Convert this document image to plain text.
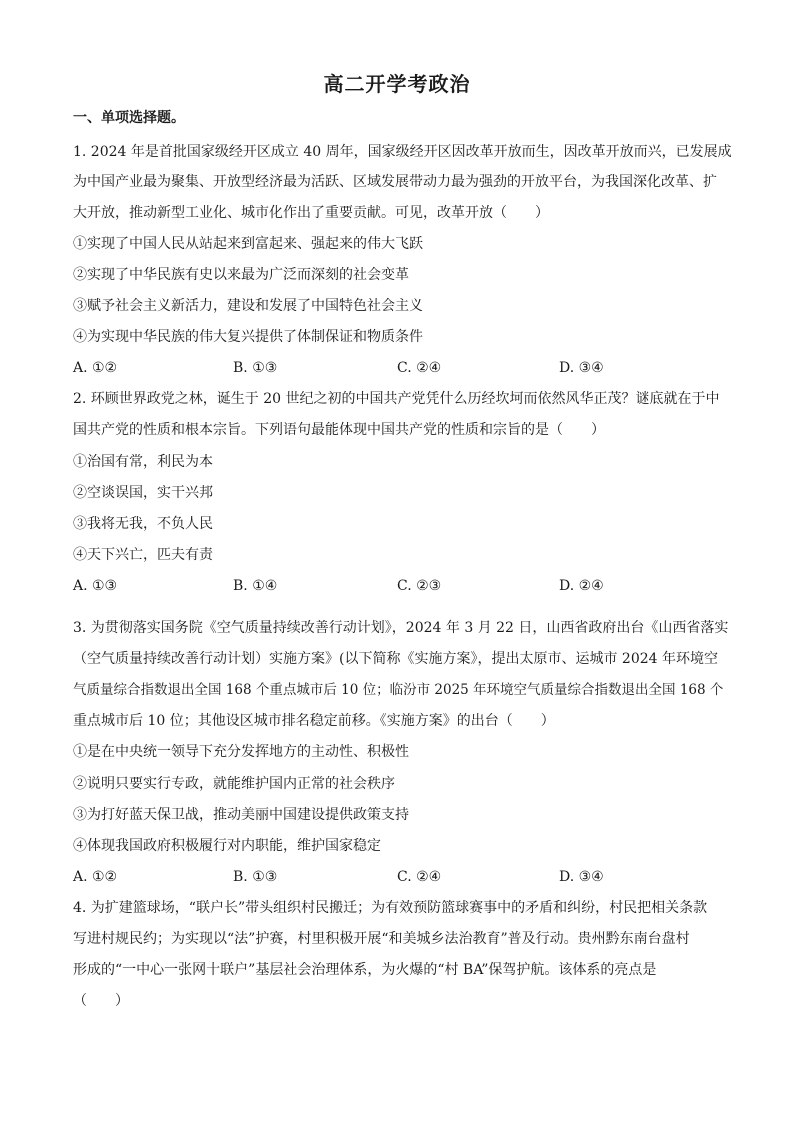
高二开学考政治
一、单项选择题。
1. 2024 年是首批国家级经开区成立 40 周年，国家级经开区因改革开放而生，因改革开放而兴，已发展成
为中国产业最为聚集、开放型经济最为活跃、区域发展带动力最为强劲的开放平台，为我国深化改革、扩
大开放，推动新型工业化、城市化作出了重要贡献。可见，改革开放（　　）
①实现了中国人民从站起来到富起来、强起来的伟大飞跃
②实现了中华民族有史以来最为广泛而深刻的社会变革
③赋予社会主义新活力，建设和发展了中国特色社会主义
④为实现中华民族的伟大复兴提供了体制保证和物质条件
A. ①②	B. ①③	C. ②④	D. ③④
2. 环顾世界政党之林，诞生于 20 世纪之初的中国共产党凭什么历经坎坷而依然风华正茂？谜底就在于中
国共产党的性质和根本宗旨。下列语句最能体现中国共产党的性质和宗旨的是（　　）
①治国有常，利民为本
②空谈误国，实干兴邦
③我将无我，不负人民
④天下兴亡，匹夫有责
A. ①③	B. ①④	C. ②③	D. ②④
3. 为贯彻落实国务院《空气质量持续改善行动计划》，2024 年 3 月 22 日，山西省政府出台《山西省落实
（空气质量持续改善行动计划）实施方案》(以下简称《实施方案》，提出太原市、运城市 2024 年环境空
气质量综合指数退出全国 168 个重点城市后 10 位；临汾市 2025 年环境空气质量综合指数退出全国 168 个
重点城市后 10 位；其他设区城市排名稳定前移。《实施方案》的出台（　　）
①是在中央统一领导下充分发挥地方的主动性、积极性
②说明只要实行专政，就能维护国内正常的社会秩序
③为打好蓝天保卫战，推动美丽中国建设提供政策支持
④体现我国政府积极履行对内职能，维护国家稳定
A. ①②	B. ①③	C. ②④	D. ③④
4. 为扩建篮球场，“联户长”带头组织村民搬迁；为有效预防篮球赛事中的矛盾和纠纷，村民把相关条款
写进村规民约；为实现以“法”护赛，村里积极开展“和美城乡法治教育”普及行动。贵州黔东南台盘村
形成的“一中心一张网十联户”基层社会治理体系，为火爆的“村 BA”保驾护航。该体系的亮点是
（　　）
